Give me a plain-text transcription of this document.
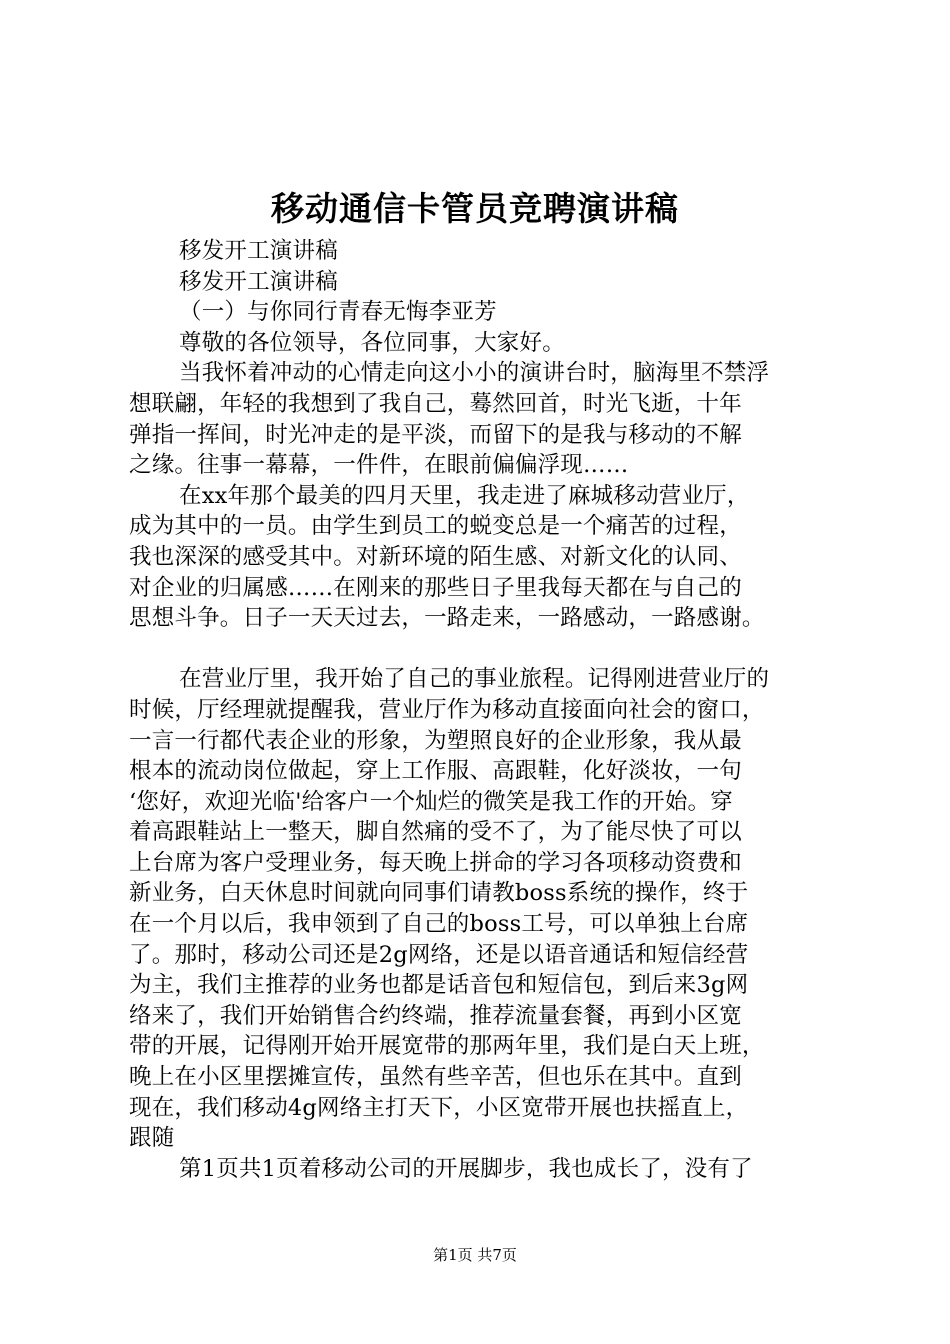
移动通信卡管员竞聘演讲稿
移发开工演讲稿
移发开工演讲稿
（一）与你同行青春无悔李亚芳
尊敬的各位领导，各位同事，大家好。
当我怀着冲动的心情走向这小小的演讲台时，脑海里不禁浮
想联翩，年轻的我想到了我自己，蓦然回首，时光飞逝，十年
弹指一挥间，时光冲走的是平淡，而留下的是我与移动的不解
之缘。往事一幕幕，一件件，在眼前偏偏浮现……
在xx年那个最美的四月天里，我走进了麻城移动营业厅，
成为其中的一员。由学生到员工的蜕变总是一个痛苦的过程，
我也深深的感受其中。对新环境的陌生感、对新文化的认同、
对企业的归属感……在刚来的那些日子里我每天都在与自己的
思想斗争。日子一天天过去，一路走来，一路感动，一路感谢。
在营业厅里，我开始了自己的事业旅程。记得刚进营业厅的
时候，厅经理就提醒我，营业厅作为移动直接面向社会的窗口，
一言一行都代表企业的形象，为塑照良好的企业形象，我从最
根本的流动岗位做起，穿上工作服、高跟鞋，化好淡妆，一句
‘您好，欢迎光临'给客户一个灿烂的微笑是我工作的开始。穿
着高跟鞋站上一整天，脚自然痛的受不了，为了能尽快了可以
上台席为客户受理业务，每天晚上拼命的学习各项移动资费和
新业务，白天休息时间就向同事们请教boss系统的操作，终于
在一个月以后，我申领到了自己的boss工号，可以单独上台席
了。那时，移动公司还是2g网络，还是以语音通话和短信经营
为主，我们主推荐的业务也都是话音包和短信包，到后来3g网
络来了，我们开始销售合约终端，推荐流量套餐，再到小区宽
带的开展，记得刚开始开展宽带的那两年里，我们是白天上班，
晚上在小区里摆摊宣传，虽然有些辛苦，但也乐在其中。直到
现在，我们移动4g网络主打天下，小区宽带开展也扶摇直上，
跟随
第1页共1页着移动公司的开展脚步，我也成长了，没有了
第1页 共7页
